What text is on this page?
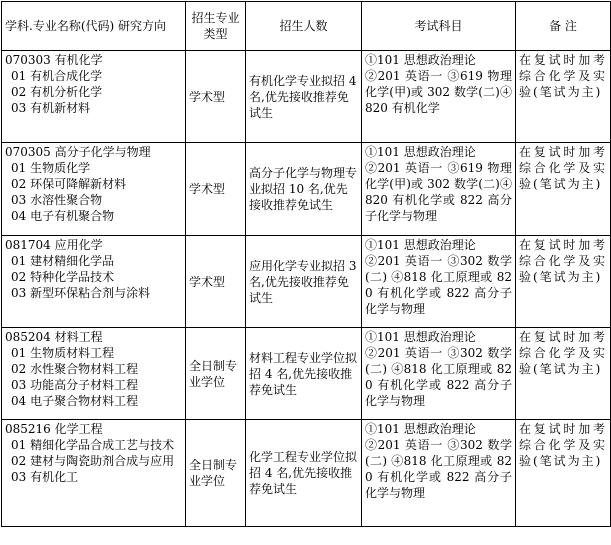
学科.专业名称(代码) 研究方向	招生专业类型	招生人数	考试科目	备 注

070303 有机化学
01 有机合成化学
02 有机分析化学
03 有机新材料	学术型	有机化学专业拟招 4 名,优先接收推荐免试生	①101 思想政治理论
②201 英语一 ③619 物理化学(甲)或 302 数学(二)④820 有机化学	在复试时加考综合化学及实验(笔试为主)

070305 高分子化学与物理
01 生物质化学
02 环保可降解新材料
03 水溶性聚合物
04 电子有机聚合物	学术型	高分子化学与物理专业拟招 10 名,优先接收推荐免试生	①101 思想政治理论
②201 英语一 ③619 物理化学(甲)或 302 数学(二)④820 有机化学或 822 高分子化学与物理	在复试时加考综合化学及实验(笔试为主)

081704 应用化学
01 建材精细化学品
02 特种化学品技术
03 新型环保粘合剂与涂料	学术型	应用化学专业拟招 3 名,优先接收推荐免试生	①101 思想政治理论
②201 英语一 ③302 数学(二) ④818 化工原理或 820 有机化学或 822 高分子化学与物理	在复试时加考综合化学及实验(笔试为主)

085204 材料工程
01 生物质材料工程
02 水性聚合物材料工程
03 功能高分子材料工程
04 电子聚合物材料工程	全日制专业学位	材料工程专业学位拟招 4 名,优先接收推荐免试生	①101 思想政治理论
②201 英语一 ③302 数学(二) ④818 化工原理或 820 有机化学或 822 高分子化学与物理	在复试时加考综合化学及实验(笔试为主)

085216 化学工程
01 精细化学品合成工艺与技术
02 建材与陶瓷助剂合成与应用
03 有机化工	全日制专业学位	化学工程专业学位拟招 4 名,优先接收推荐免试生	①101 思想政治理论
②201 英语一 ③302 数学(二) ④818 化工原理或 820 有机化学或 822 高分子化学与物理	在复试时加考综合化学及实验(笔试为主)
